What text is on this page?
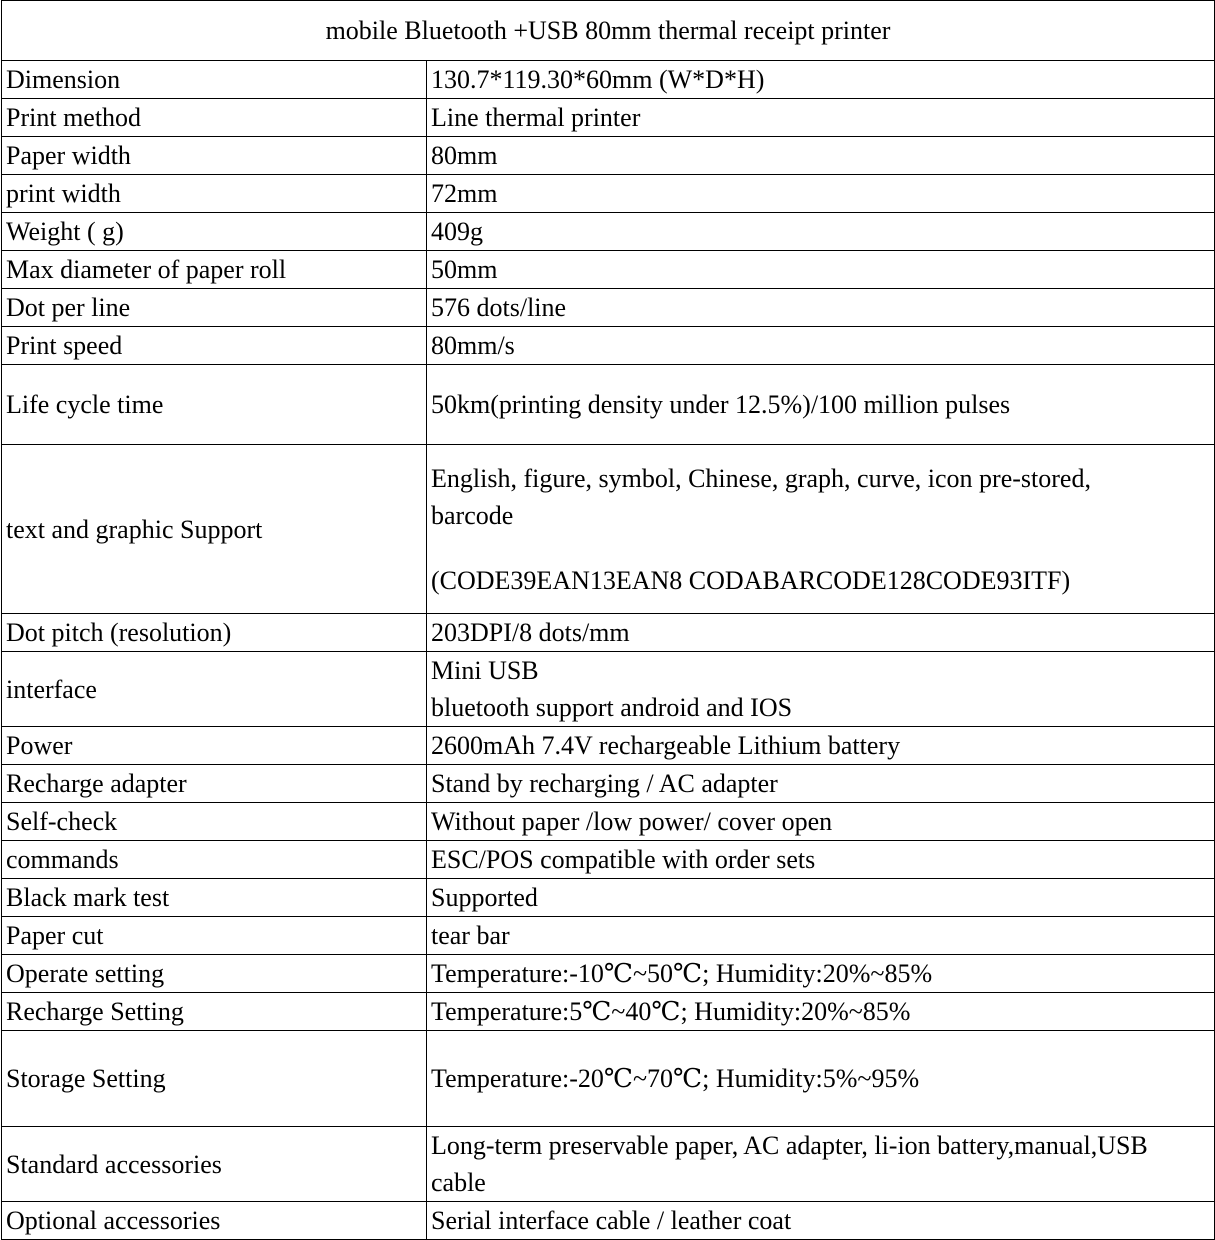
mobile Bluetooth +USB 80mm thermal receipt printer	
Dimension	130.7*119.30*60mm (W*D*H)
Print method	Line thermal printer
Paper width	80mm
print width	72mm
Weight ( g)	409g
Max diameter of paper roll	50mm
Dot per line	576 dots/line
Print speed	80mm/s
Life cycle time	50km(printing density under 12.5%)/100 million pulses
text and graphic Support	English, figure, symbol, Chinese, graph, curve, icon pre-stored,
barcode
(CODE39EAN13EAN8 CODABARCODE128CODE93ITF)

Dot pitch (resolution)	203DPI/8 dots/mm
interface	Mini USB
bluetooth support android and IOS

Power	2600mAh 7.4V rechargeable Lithium battery
Recharge adapter	Stand by recharging / AC adapter
Self-check	Without paper /low power/ cover open
commands	ESC/POS compatible with order sets
Black mark test	Supported
Paper cut	tear bar
Operate setting	Temperature:-10℃~50℃; Humidity:20%~85%
Recharge Setting	Temperature:5℃~40℃; Humidity:20%~85%
Storage Setting	Temperature:-20℃~70℃; Humidity:5%~95%
Standard accessories	Long-term preservable paper, AC adapter, li-ion battery,manual,USB
cable

Optional accessories	Serial interface cable / leather coat
